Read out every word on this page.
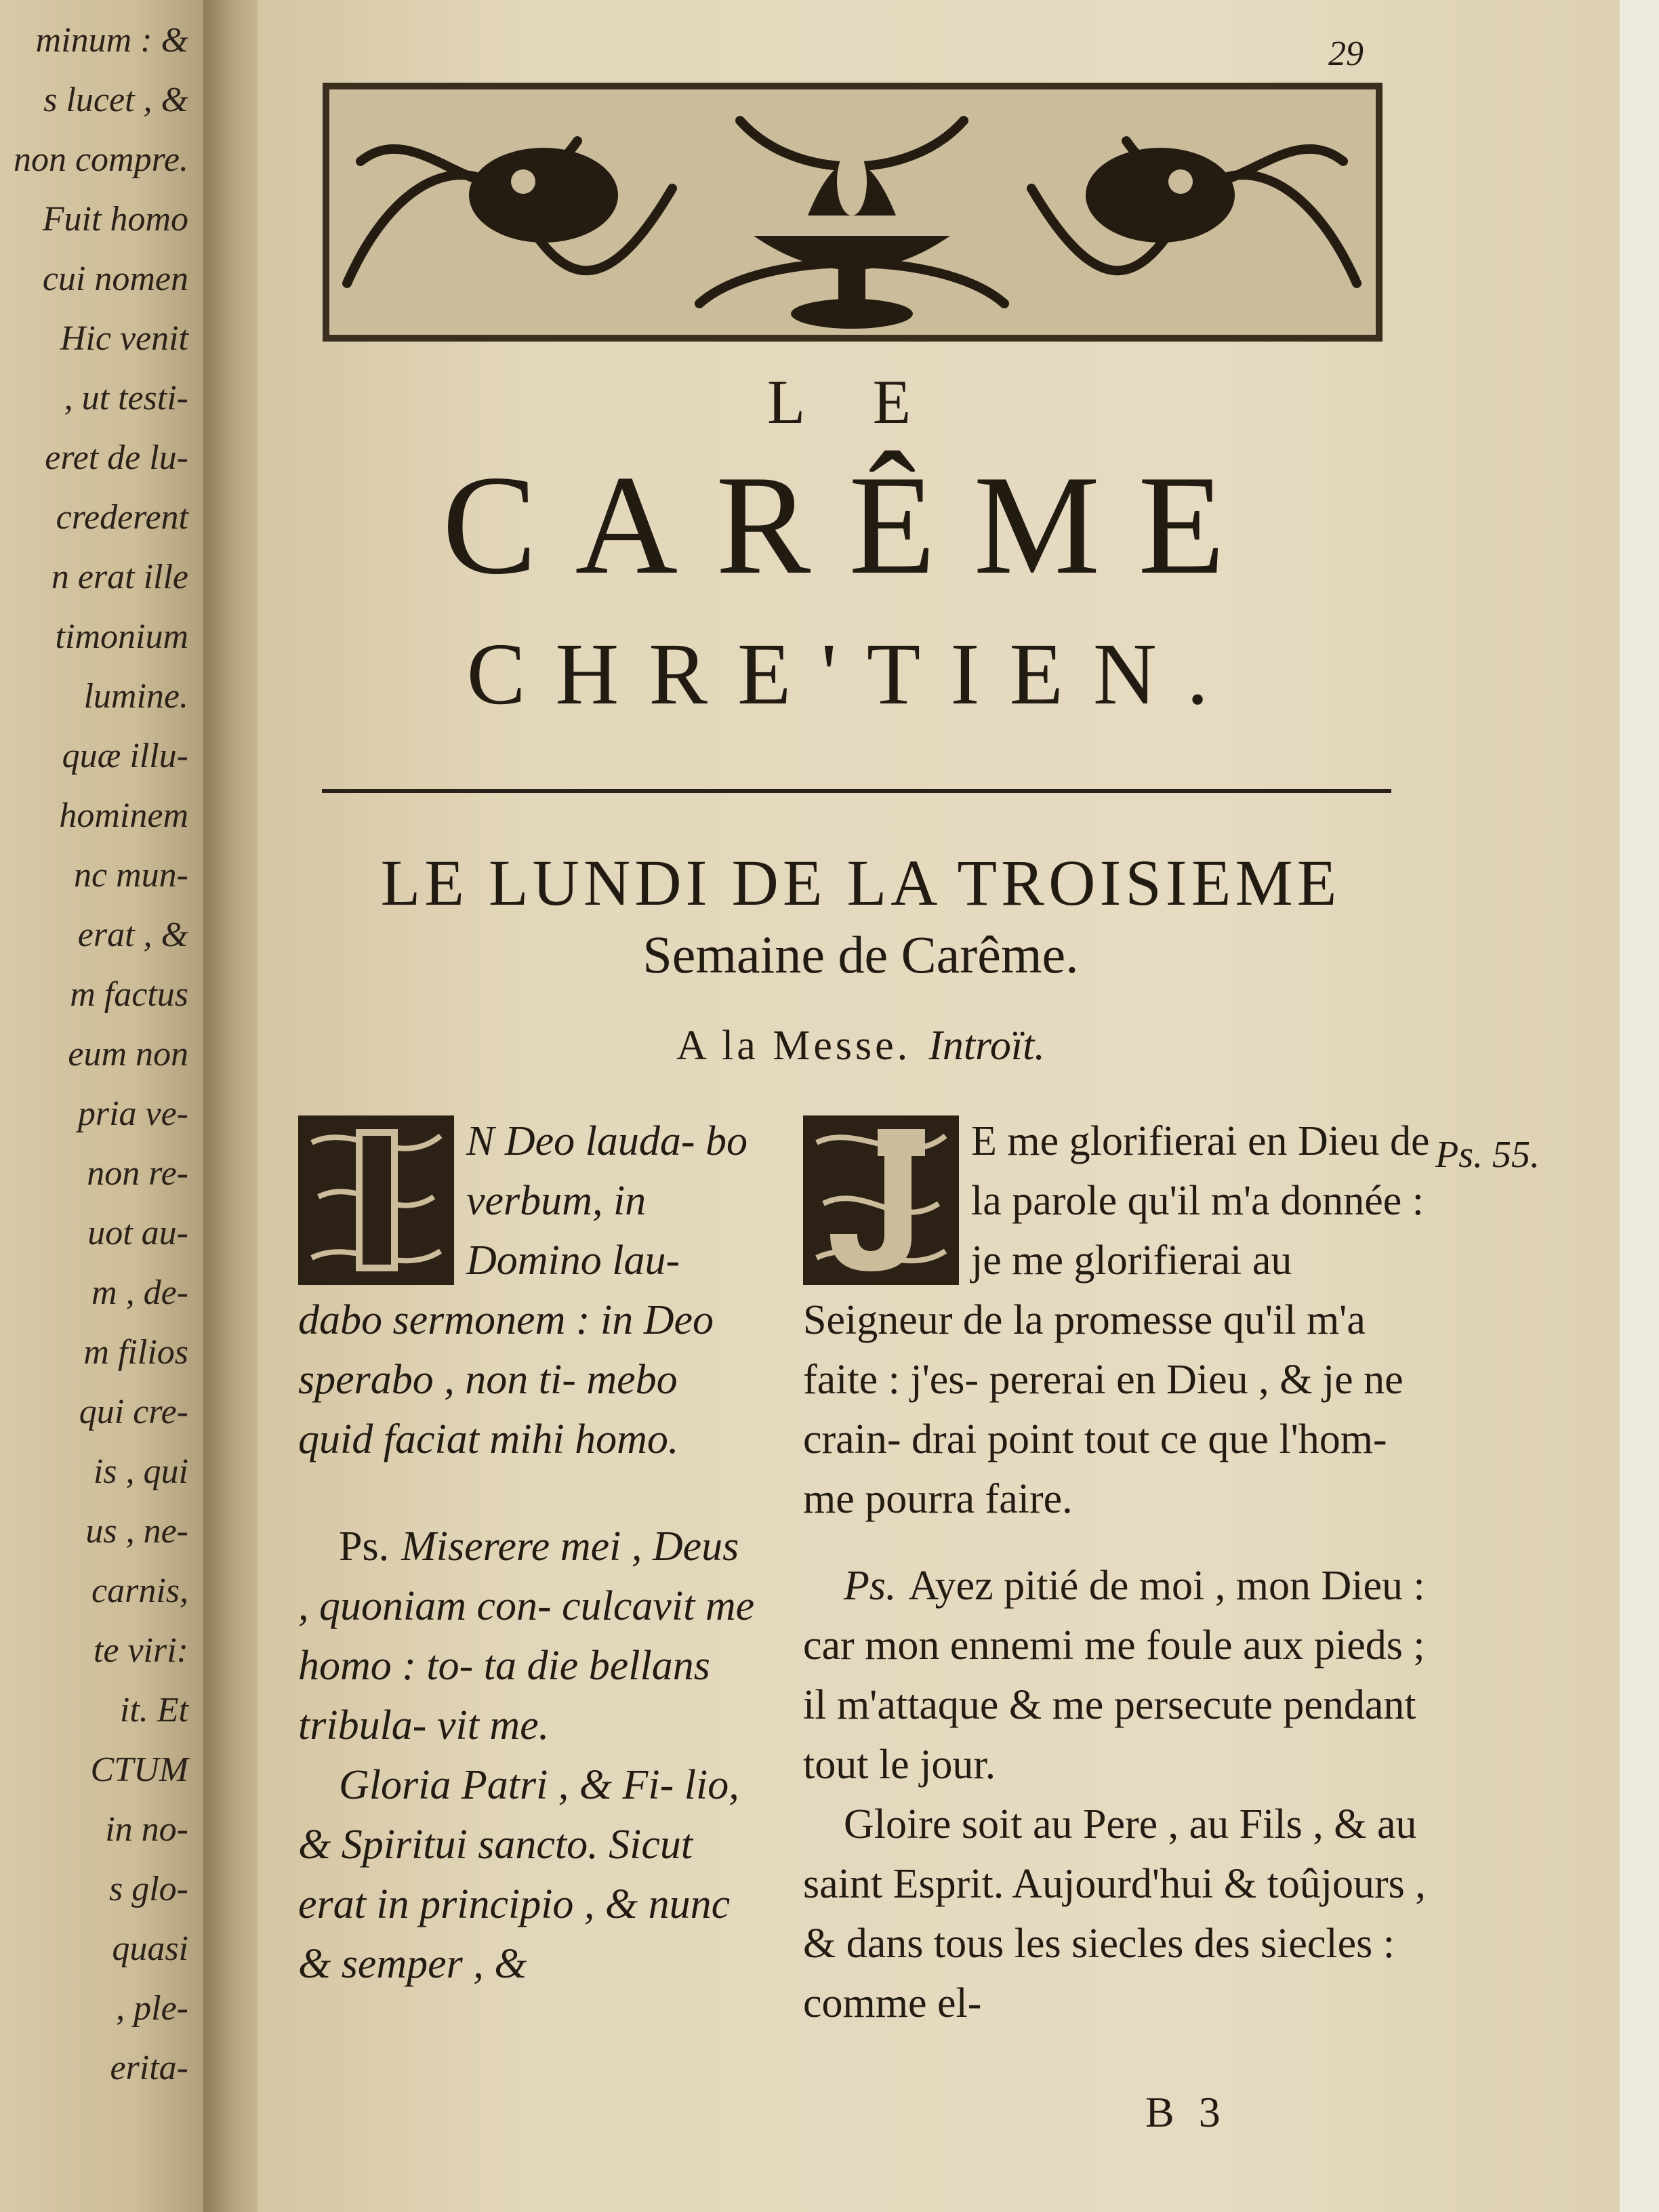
minum : &
s lucet , &
non compre.
Fuit homo
cui nomen
Hic venit
, ut testi-
eret de lu-
crederent
n erat ille
timonium
lumine.
quæ illu-
hominem
nc mun-
erat , &
m factus
eum non
pria ve-
non re-
uot au-
m , de-
m filios
qui cre-
is , qui
us , ne-
carnis,
te viri:
it. Et
CTUM
in no-
s glo-
quasi
, ple-
erita-
29
L E
CARÊME
CHRE'TIEN.
LE LUNDI DE LA TROISIEME
Semaine de Carême.
A la Messe. Introït.

N Deo lauda- bo verbum, in Domino lau- dabo sermonem : in Deo sperabo , non ti- mebo quid faciat mihi homo.

Ps. Miserere mei , Deus , quoniam con- culcavit me homo : to- ta die bellans tribula- vit me.

Gloria Patri , & Fi- lio, & Spiritui sancto. Sicut erat in principio , & nunc & semper , &

E me glorifierai en Dieu de la parole qu'il m'a donnée : je me glorifierai au Seigneur de la promesse qu'il m'a faite : j'es- pererai en Dieu , & je ne crain- drai point tout ce que l'hom- me pourra faire.

Ps. Ayez pitié de moi , mon Dieu : car mon ennemi me foule aux pieds ; il m'attaque & me persecute pendant tout le jour.

Gloire soit au Pere , au Fils , & au saint Esprit. Aujourd'hui & toûjours , & dans tous les siecles des siecles : comme el-

Ps. 55.
B 3
